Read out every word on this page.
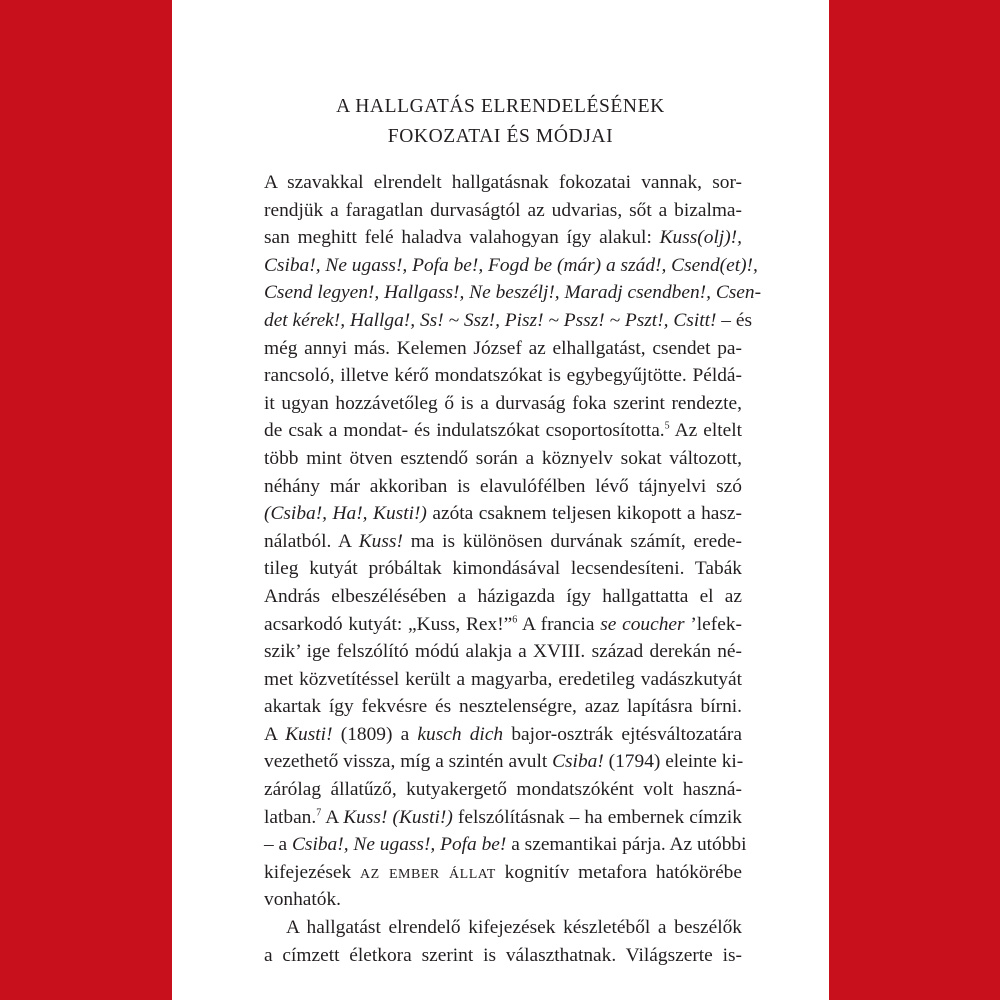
A HALLGATÁS ELRENDELÉSÉNEK
FOKOZATAI ÉS MÓDJAI
A szavakkal elrendelt hallgatásnak fokozatai vannak, sor-
rendjük a faragatlan durvaságtól az udvarias, sőt a bizalma-
san meghitt felé haladva valahogyan így alakul: Kuss(olj)!,
Csiba!, Ne ugass!, Pofa be!, Fogd be (már) a szád!, Csend(et)!,
Csend legyen!, Hallgass!, Ne beszélj!, Maradj csendben!, Csen-
det kérek!, Hallga!, Ss! ~ Ssz!, Pisz! ~ Pssz! ~ Pszt!, Csitt! – és
még annyi más. Kelemen József az elhallgatást, csendet pa-
rancsoló, illetve kérő mondatszókat is egybegyűjtötte. Példá-
it ugyan hozzávetőleg ő is a durvaság foka szerint rendezte,
de csak a mondat- és indulatszókat csoportosította.$^5$ Az eltelt
több mint ötven esztendő során a köznyelv sokat változott,
néhány már akkoriban is elavulófélben lévő tájnyelvi szó
(Csiba!, Ha!, Kusti!) azóta csaknem teljesen kikopott a hasz-
nálatból. A Kuss! ma is különösen durvának számít, erede-
tileg kutyát próbáltak kimondásával lecsendesíteni. Tabák
András elbeszélésében a házigazda így hallgattatta el az
acsarkodó kutyát: „Kuss, Rex!”$^6$ A francia se coucher ’lefek-
szik’ ige felszólító módú alakja a XVIII. század derekán né-
met közvetítéssel került a magyarba, eredetileg vadászkutyát
akartak így fekvésre és nesztelenségre, azaz lapításra bírni.
A Kusti! (1809) a kusch dich bajor-osztrák ejtésváltozatára
vezethető vissza, míg a szintén avult Csiba! (1794) eleinte ki-
zárólag állatűző, kutyakergető mondatszóként volt haszná-
latban.$^7$ A Kuss! (Kusti!) felszólításnak – ha embernek címzik
– a Csiba!, Ne ugass!, Pofa be! a szemantikai párja. Az utóbbi
kifejezések az ember állat kognitív metafora hatókörébe
vonhatók.
A hallgatást elrendelő kifejezések készletéből a beszélők
a címzett életkora szerint is választhatnak. Világszerte is-
